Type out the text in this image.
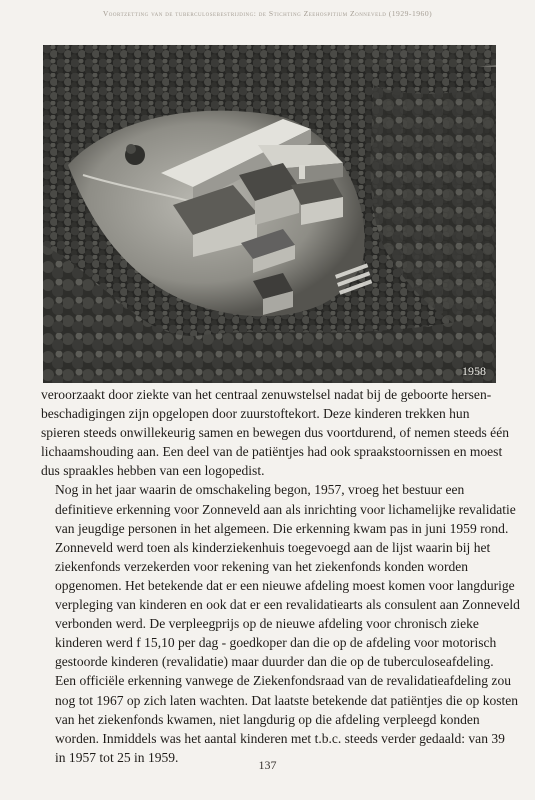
Voortzetting van de tuberculosebestrijding: de Stichting Zeehospitium Zonneveld (1929-1960)
1958

veroorzaakt door ziekte van het centraal zenuwstelsel nadat bij de geboorte hersen-
beschadigingen zijn opgelopen door zuurstoftekort. Deze kinderen trekken hun
spieren steeds onwillekeurig samen en bewegen dus voortdurend, of nemen steeds één
lichaamshouding aan. Een deel van de patiëntjes had ook spraakstoornissen en moest
dus spraakles hebben van een logopedist.

Nog in het jaar waarin de omschakeling begon, 1957, vroeg het bestuur een
definitieve erkenning voor Zonneveld aan als inrichting voor lichamelijke revalidatie
van jeugdige personen in het algemeen. Die erkenning kwam pas in juni 1959 rond.
Zonneveld werd toen als kinderziekenhuis toegevoegd aan de lijst waarin bij het
ziekenfonds verzekerden voor rekening van het ziekenfonds konden worden
opgenomen. Het betekende dat er een nieuwe afdeling moest komen voor langdurige
verpleging van kinderen en ook dat er een revalidatiearts als consulent aan Zonneveld
verbonden werd. De verpleegprijs op de nieuwe afdeling voor chronisch zieke
kinderen werd f 15,10 per dag - goedkoper dan die op de afdeling voor motorisch
gestoorde kinderen (revalidatie) maar duurder dan die op de tuberculoseafdeling.
Een officiële erkenning vanwege de Ziekenfondsraad van de revalidatieafdeling zou
nog tot 1967 op zich laten wachten. Dat laatste betekende dat patiëntjes die op kosten
van het ziekenfonds kwamen, niet langdurig op die afdeling verpleegd konden
worden. Inmiddels was het aantal kinderen met t.b.c. steeds verder gedaald: van 39
in 1957 tot 25 in 1959.

137
